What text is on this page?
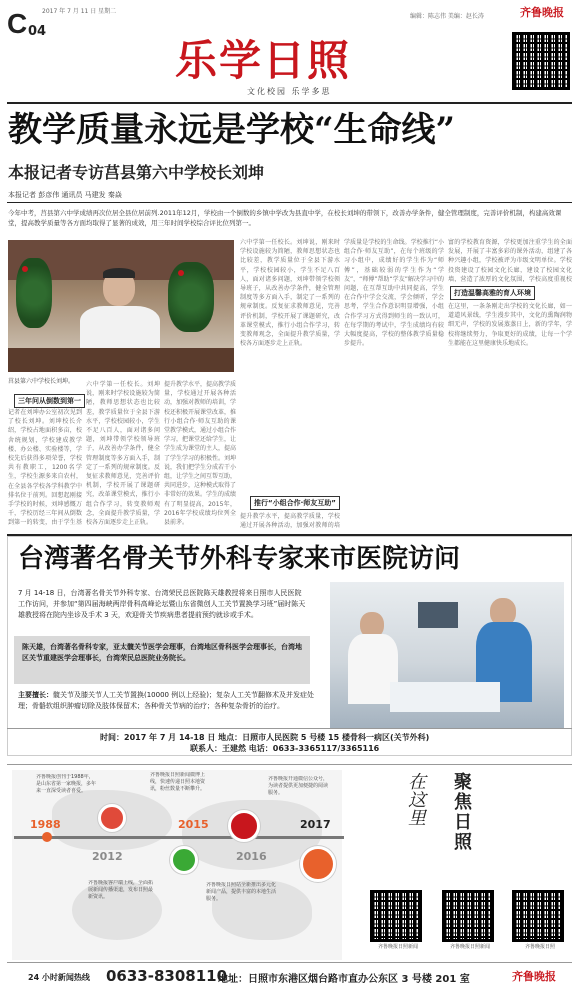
2017 年 7 月 11 日 星期二
编辑：陈志伟 美编：赵长涛	齐鲁晚报
C 04
乐学日照
文化校园 乐学多思
教学质量永远是学校“生命线”
本报记者专访莒县第六中学校长刘坤
本报记者 彭彦伟 通讯员 马建发 秦焱
今年中考，莒县第六中学成绩再次位居全县位居前列.2011年12月，学校由一个倒数的乡镇中学改为县直中学，在校长刘坤的带领下，改善办学条件，健全管理制度，完善评价机制，构建高效课堂，提高教学质量等各方面均取得了显著的成效，用三年时间学校综合评比位列第一。
莒县第六中学校长刘坤。
三年问从倒数到第一
记者在刘坤办公室初次见到了校长刘坤。刘坤校长介绍，学校占地面积多亩，校舍统规划，学校建成教学楼、办公楼、实验楼等，学校先后获得多项荣誉，学校共有教职工，1200名学生，学校生源多来自农村，在全县各学校各学科教学中排名位于前列。回想起刚接手学校的时候，刘坤感慨万千，学校历经三年间从倒数到第一的转变，由于学生基
六中学第一任校长。刘坤说，刚来时学校设施较为简陋，教师思想状态也比较差，教学质量位于全县下游水平，学校校园较小，学生不足八百人，面对诸多问题，刘坤带领学校领导班子，从改善办学条件，健全管理制度等多方面入手，制定了一系列的规章制度。反复征求教师意见，完善评价机制，学校开展了课题研究，改革课堂模式，推行小组合作学习，转变教师观念，全面提升教学质量，学校各方面逐步走上正轨。
提升教学水平，提高教学质量，学校通过开展各种活动，加强对教师的培训，学校还积极开展课堂改革，推行小组合作·师友互助的课堂教学模式，通过小组合作学习，把课堂还给学生，让学生成为课堂的主人，提高了学生学习的积极性。刘坤说，我们把学生分成若干小组，让学生之间互帮互助，共同进步，这种模式取得了非常好的效果。学生的成绩有了明显提高，2015年，2016年学校成绩均位列全县前茅。
六中学第一任校长。刘坤说，刚来时学校设施较为简陋，教师思想状态也比较差，教学质量位于全县下游水平，学校校园较小，学生不足八百人，面对诸多问题，刘坤带领学校领导班子，从改善办学条件，健全管理制度等多方面入手，制定了一系列的规章制度。反复征求教师意见，完善评价机制，学校开展了课题研究，改革课堂模式，推行小组合作学习，转变教师观念，全面提升教学质量，学校各方面逐步走上正轨。
推行“小组合作·师友互助”
提升教学水平，提高教学质量，学校通过开展各种活动，加强对教师的培
学质量是学校的生命线。学校推行“小组合作·师友互助”，在每个班级的学习小组中，成绩好的学生作为“师傅”，基础较弱的学生作为“学友”，“师傅”帮助“学友”解决学习中的问题，在互帮互助中共同提高，学生在合作中学会交流，学会倾听，学会思考，学生合作意识明显增强，小组合作学习方式得到师生的一致认可，在每学期的考试中，学生成绩均有较大幅度提高，学校的整体教学质量稳步提升。
富的学校教育资源，学校更加注重学生的全面发展，开展了丰富多彩的课外活动，组建了各种兴趣小组，学校被评为市级文明单位。学校投资建设了校园文化长廊，建设了校园文化墙，营造了浓厚的文化氛围，学校高度重视校
打造温馨高雅的育人环境
在这里，一条条刚走出学校的文化长廊，如一道道风景线，学生漫步其中，文化的熏陶润物细无声，学校的发展蒸蒸日上，新的学年，学校将继续努力，争取更好的成绩，让每一个学生都能在这里健康快乐地成长。
台湾著名骨关节外科专家来市医院访问
7 月 14-18 日，台湾著名骨关节外科专家、台湾荣民总医院陈天雄教授将来日照市人民医院工作访问，并参加“第四届海峡两岸骨科高峰论坛暨山东省微创人工关节置换学习班”届时陈天雄教授将在院内坐诊及手术 3 天，欢迎骨关节疾病患者提前预约就诊或手术。
陈天雄，台湾著名骨科专家，亚太髋关节医学会理事，台湾地区骨科医学会理事长，台湾地区关节重建医学会理事长，台湾荣民总医院业务院长。
主要擅长：髋关节及膝关节人工关节置换(10000 例以上经验)；复杂人工关节翻修术及并发症处理；骨骼软组织肿瘤切除及肢体保留术；各种骨关节病的治疗；各种复杂骨折的治疗。
时间：2017 年 7 月 14-18 日 地点：日照市人民医院 5 号楼 15 楼骨科一病区(关节外科)
联系人：王建然 电话：0633-3365117/3365116
齐鲁晚报创刊于1988年，是山东省第一家晚报，多年来一直深受读者喜爱。
齐鲁晚报日照新闻微博上线，快速传递日照本地资讯，粉丝数量不断攀升。
齐鲁晚报开通微信公众号，为读者提供更加便捷的阅读服务。
齐鲁晚报客户端上线，全面拓展新闻传播渠道，发布日照最新资讯。
齐鲁晚报日照站全新推出多元化新闻产品，提供丰富的本地生活服务。
1988
2012
2015
2016
2017	在这里 聚焦日照
齐鲁晚报日照新闻	齐鲁晚报日照新闻	齐鲁晚报日照
24 小时新闻热线 0633-8308110
地址：日照市东港区烟台路市直办公东区 3 号楼 201 室	齐鲁晚报
